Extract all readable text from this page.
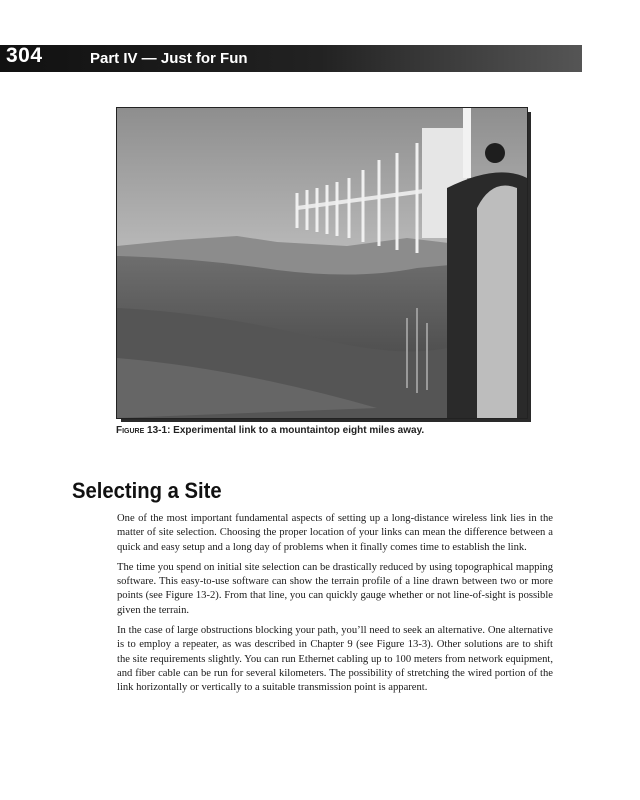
304	Part IV — Just for Fun
Figure 13-1: Experimental link to a mountaintop eight miles away.
Selecting a Site

One of the most important fundamental aspects of setting up a long-distance wireless link lies in the matter of site selection. Choosing the proper location of your links can mean the difference between a quick and easy setup and a long day of problems when it finally comes time to establish the link.

The time you spend on initial site selection can be drastically reduced by using topographical mapping software. This easy-to-use software can show the terrain profile of a line drawn between two or more points (see Figure 13-2). From that line, you can quickly gauge whether or not line-of-sight is possible given the terrain.

In the case of large obstructions blocking your path, you’ll need to seek an alternative. One alternative is to employ a repeater, as was described in Chapter 9 (see Figure 13-3). Other solutions are to shift the site requirements slightly. You can run Ethernet cabling up to 100 meters from network equipment, and fiber cable can be run for several kilometers. The possibility of stretching the wired portion of the link horizontally or vertically to a suitable transmission point is apparent.
